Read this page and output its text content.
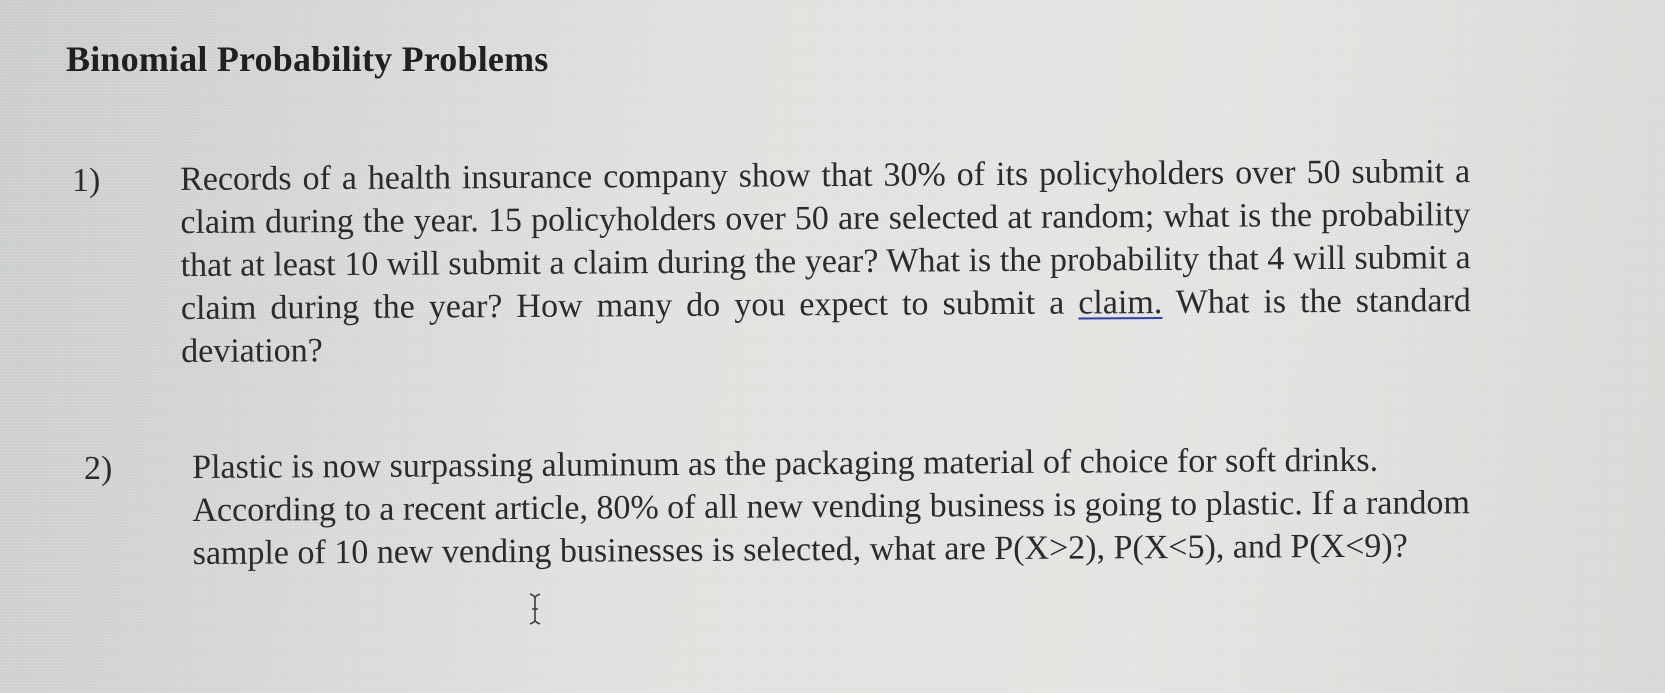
Binomial Probability Problems
1) Records of a health insurance company show that 30% of its policyholders over 50 submit a claim during the year. 15 policyholders over 50 are selected at random; what is the probability that at least 10 will submit a claim during the year? What is the probability that 4 will submit a claim during the year? How many do you expect to submit a claim. What is the standard deviation?
2) Plastic is now surpassing aluminum as the packaging material of choice for soft drinks. According to a recent article, 80% of all new vending business is going to plastic. If a random sample of 10 new vending businesses is selected, what are P(X>2), P(X<5), and P(X<9)?
